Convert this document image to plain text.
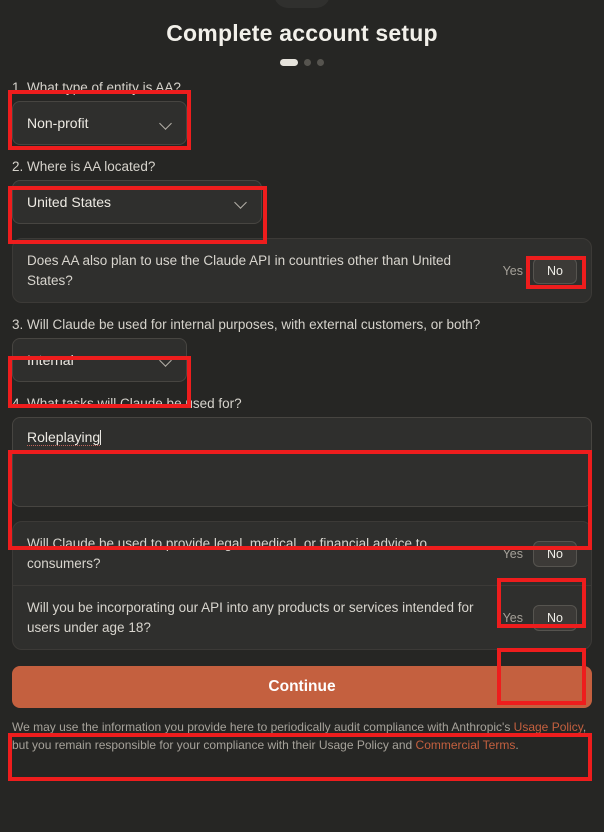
Complete account setup
1. What type of entity is AA?
Non-profit
2. Where is AA located?
United States
Does AA also plan to use the Claude API in countries other than United States?
Yes	No
3. Will Claude be used for internal purposes, with external customers, or both?
Internal
4. What tasks will Claude be used for?
Roleplaying
Will Claude be used to provide legal, medical, or financial advice to consumers?
Yes	No
Will you be incorporating our API into any products or services intended for users under age 18?
Yes	No
Continue
We may use the information you provide here to periodically audit compliance with Anthropic's Usage Policy, but you remain responsible for your compliance with their Usage Policy and Commercial Terms.
